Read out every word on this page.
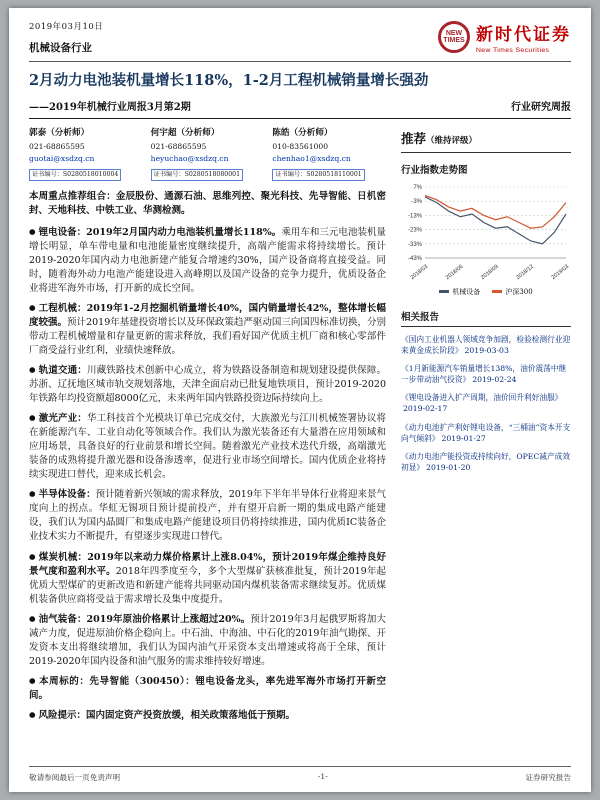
2019年03月10日
机械设备行业
NEW
TIMES 新时代证券
New Times Securities
2月动力电池装机量增长118%，1-2月工程机械销量增长强劲
——2019年机械行业周报3月第2期	行业研究周报
郭泰（分析师）
021-68865595
guotai@xsdzq.cn
证书编号：S0280518010004
何宇超（分析师）
021-68865595
heyuchao@xsdzq.cn
证书编号：S0280518080001
陈皓（分析师）
010-83561000
chenhao1@xsdzq.cn
证书编号：S0280518110001

本周重点推荐组合：金辰股份、通源石油、思维列控、聚光科技、先导智能、日机密封、天地科技、中铁工业、华测检测。

● 锂电设备：2019年2月国内动力电池装机量增长118%。乘用车和三元电池装机量增长明显，单车带电量和电池能量密度继续提升，高端产能需求将持续增长。预计2019-2020年国内动力电池新建产能复合增速约30%，国产设备商将直接受益。同时，随着海外动力电池产能建设进入高峰期以及国产设备的竞争力提升，优质设备企业将进军海外市场，打开新的成长空间。

● 工程机械：2019年1-2月挖掘机销量增长40%，国内销量增长42%，整体增长幅度较强。预计2019年基建投资增长以及环保政策趋严驱动国三向国四标准切换，分别带动工程机械增量和存量更新的需求释放，我们看好国产优质主机厂商和核心零部件厂商受益行业红利，业绩快速释放。

● 轨道交通：川藏铁路技术创新中心成立，将为铁路设备制造和规划建设提供保障。苏浙、辽抚地区城市轨交规划落地，天津全面启动已批复地铁项目，预计2019-2020年铁路年均投资额超8000亿元，未来两年国内铁路投资边际持续向上。

● 激光产业：华工科技首个光模块订单已完成交付，大族激光与江川机械签署协议将在新能源汽车、工业自动化等领域合作。我们认为激光装备还有大量潜在应用领域和应用场景，具备良好的行业前景和增长空间。随着激光产业技术迭代升级，高端激光装备的成熟将提升激光器和设备渗透率，促进行业市场空间增长。国内优质企业将持续实现进口替代，迎来成长机会。

● 半导体设备：预计随着新兴领域的需求释放，2019年下半年半导体行业将迎来景气度向上的拐点。华虹无锡项目预计提前投产，并有望开启新一期的集成电路产能建设，我们认为国内晶圆厂和集成电路产能建设项目仍将持续推进，国内优质IC装备企业技术实力不断提升，有望逐步实现进口替代。

● 煤炭机械：2019年以来动力煤价格累计上涨8.04%，预计2019年煤企维持良好景气度和盈利水平。2018年四季度至今，多个大型煤矿获核准批复，预计2019年起优质大型煤矿的更新改造和新建产能将共同驱动国内煤机装备需求继续复苏。优质煤机装备供应商将受益于需求增长及集中度提升。

● 油气装备：2019年原油价格累计上涨超过20%。预计2019年3月起俄罗斯将加大减产力度，促进原油价格企稳向上。中石油、中海油、中石化的2019年油气勘探、开发资本支出将继续增加，我们认为国内油气开采资本支出增速或将高于全球，预计2019-2020年国内设备和油气服务的需求维持较好增速。

● 本周标的：先导智能（300450）：锂电设备龙头，率先进军海外市场打开新空间。

● 风险提示：国内固定资产投资放缓，相关政策落地低于预期。

推荐（维持评级）
行业指数走势图
7%
-3%
-13%
-23%
-33%
-43%
2018/03	2018/06	2018/09	2018/12	2019/03
机械设备	沪深300
相关报告
《国内工业机器人领域竞争加剧，检验检测行业迎来黄金成长阶段》 2019-03-03
《1月新能源汽车销量增长138%，油价震荡中继一步带动油气投资》 2019-02-24
《锂电设备进入扩产周期，油价回升利好油服》2019-02-17
《动力电池扩产利好锂电设备，“三桶油”资本开支向气倾斜》 2019-01-27
《动力电池产能投资或持续向好，OPEC减产成效初显》 2019-01-20
敬请参阅最后一页免责声明	-1-	证券研究报告
